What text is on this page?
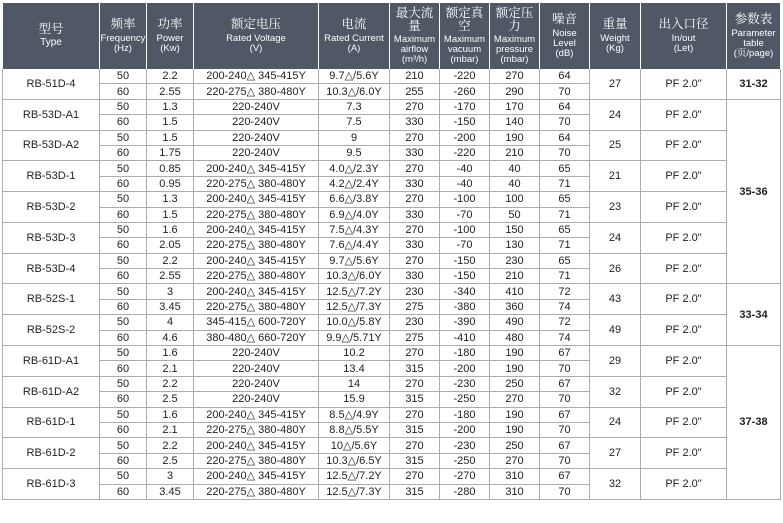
型号
Type	频率
Frequency
(Hz)	功率
Power
(Kw)	额定电压
Rated Voltage
(V)	电流
Rated Current
(A)	最大流量
Maximum
airflow
(m³/h)	额定真空
Maximum
vacuum
(mbar)	额定压力
Maximum
pressure
(mbar)	噪音
Noise Level
(dB)	重量
Weight
(Kg)	出入口径
In/out
(Let)	参数表
Parameter
table
(页/page)

RB-51D-4	50	2.2	200-240△ 345-415Y	9.7△/5.6Y	210	-220	270	64	27	PF 2.0"	31-32
	60	2.55	220-275△ 380-480Y	10.3△/6.0Y	255	-260	290	70			
RB-53D-A1	50	1.3	220-240V	7.3	270	-170	170	64	24	PF 2.0"	35-36
	60	1.5	220-240V	7.5	330	-150	140	70			
RB-53D-A2	50	1.5	220-240V	9	270	-200	190	64	25	PF 2.0"	
	60	1.75	220-240V	9.5	330	-220	210	70			
RB-53D-1	50	0.85	200-240△ 345-415Y	4.0△/2.3Y	270	-40	40	65	21	PF 2.0"	
	60	0.95	220-275△ 380-480Y	4.2△/2.4Y	330	-40	40	71			
RB-53D-2	50	1.3	200-240△ 345-415Y	6.6△/3.8Y	270	-100	100	65	23	PF 2.0"	
	60	1.5	220-275△ 380-480Y	6.9△/4.0Y	330	-70	50	71			
RB-53D-3	50	1.6	200-240△ 345-415Y	7.5△/4.3Y	270	-100	150	65	24	PF 2.0"	
	60	2.05	220-275△ 380-480Y	7.6△/4.4Y	330	-70	130	71			
RB-53D-4	50	2.2	200-240△ 345-415Y	9.7△/5.6Y	270	-150	230	65	26	PF 2.0"	
	60	2.55	220-275△ 380-480Y	10.3△/6.0Y	330	-150	210	71			
RB-52S-1	50	3	200-240△ 345-415Y	12.5△/7.2Y	230	-340	410	72	43	PF 2.0"	33-34
	60	3.45	220-275△ 380-480Y	12.5△/7.3Y	275	-380	360	74			
RB-52S-2	50	4	345-415△ 600-720Y	10.0△/5.8Y	230	-390	490	72	49	PF 2.0"	
	60	4.6	380-480△ 660-720Y	9.9△/5.71Y	275	-410	480	74			
RB-61D-A1	50	1.6	220-240V	10.2	270	-180	190	67	29	PF 2.0"	37-38
	60	2.1	220-240V	13.4	315	-200	190	70			
RB-61D-A2	50	2.2	220-240V	14	270	-230	250	67	32	PF 2.0"	
	60	2.5	220-240V	15.9	315	-250	270	70			
RB-61D-1	50	1.6	200-240△ 345-415Y	8.5△/4.9Y	270	-180	190	67	24	PF 2.0"	
	60	2.1	220-275△ 380-480Y	8.8△/5.5Y	315	-200	190	70			
RB-61D-2	50	2.2	200-240△ 345-415Y	10△/5.6Y	270	-230	250	67	27	PF 2.0"	
	60	2.5	220-275△ 380-480Y	10.3△/6.5Y	315	-250	270	70			
RB-61D-3	50	3	200-240△ 345-415Y	12.5△/7.2Y	270	-270	310	67	32	PF 2.0"	
	60	3.45	220-275△ 380-480Y	12.5△/7.3Y	315	-280	310	70			
